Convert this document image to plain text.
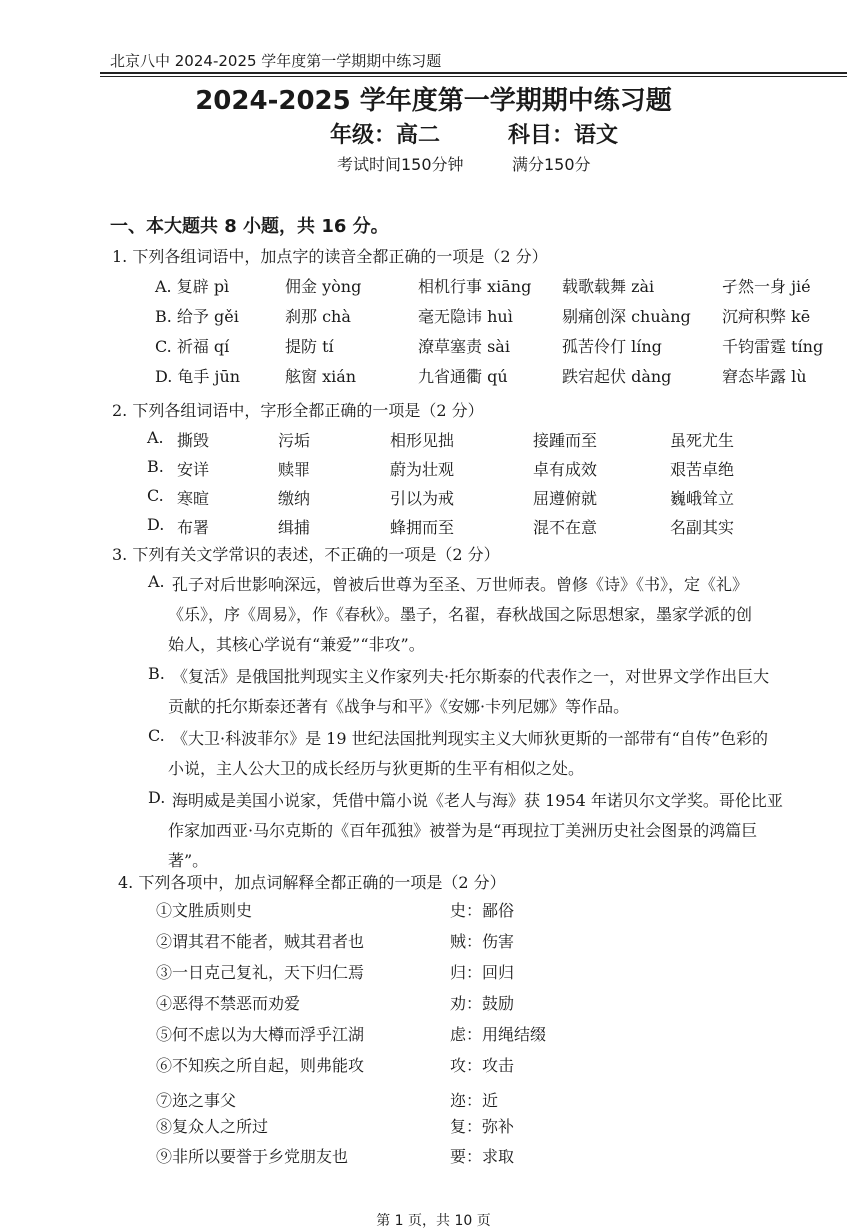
北京八中 2024-2025 学年度第一学期期中练习题
2024-2025 学年度第一学期期中练习题
年级：高二	科目：语文
考试时间150分钟	满分150分
一、本大题共 8 小题，共 16 分。
1. 下列各组词语中，加点字的读音全都正确的一项是（2 分）
A. 复辟 pì	佣金 yòng	相机行事 xiāng 载歌载舞 zài	孑然一身 jié
B. 给予 gěi	刹那 chà	毫无隐讳 huì	剔痛创深 chuàng 沉疴积弊 kē
C. 祈福 qí	提防 tí	潦草塞责 sài	孤苦伶仃 líng	千钧雷霆 tíng
D. 龟手 jūn	舷窗 xián	九省通衢 qú	跌宕起伏 dàng	窘态毕露 lù
2. 下列各组词语中，字形全都正确的一项是（2 分）
A. 撕毁	污垢	相形见拙	接踵而至	虽死尤生
B. 安详	赎罪	蔚为壮观	卓有成效	艰苦卓绝
C. 寒暄	缴纳	引以为戒	屈遵俯就	巍峨耸立
D. 布署	缉捕	蜂拥而至	混不在意	名副其实
3. 下列有关文学常识的表述，不正确的一项是（2 分）
A. 孔子对后世影响深远，曾被后世尊为至圣、万世师表。曾修《诗》《书》，定《礼》
《乐》，序《周易》，作《春秋》。墨子，名翟，春秋战国之际思想家，墨家学派的创
始人，其核心学说有“兼爱”“非攻”。
B. 《复活》是俄国批判现实主义作家列夫·托尔斯泰的代表作之一，对世界文学作出巨大
贡献的托尔斯泰还著有《战争与和平》《安娜·卡列尼娜》等作品。
C. 《大卫·科波菲尔》是 19 世纪法国批判现实主义大师狄更斯的一部带有“自传”色彩的
小说，主人公大卫的成长经历与狄更斯的生平有相似之处。
D. 海明威是美国小说家，凭借中篇小说《老人与海》获 1954 年诺贝尔文学奖。哥伦比亚
作家加西亚·马尔克斯的《百年孤独》被誉为是“再现拉丁美洲历史社会图景的鸿篇巨
著”。
4. 下列各项中，加点词解释全都正确的一项是（2 分）
①文胜质则史	史：鄙俗
②谓其君不能者，贼其君者也	贼：伤害
③一日克己复礼，天下归仁焉	归：回归
④恶得不禁恶而劝爱	劝：鼓励
⑤何不虑以为大樽而浮乎江湖	虑：用绳结缀
⑥不知疾之所自起，则弗能攻	攻：攻击
⑦迩之事父	迩：近
⑧复众人之所过	复：弥补
⑨非所以要誉于乡党朋友也	要：求取
第 1 页，共 10 页
